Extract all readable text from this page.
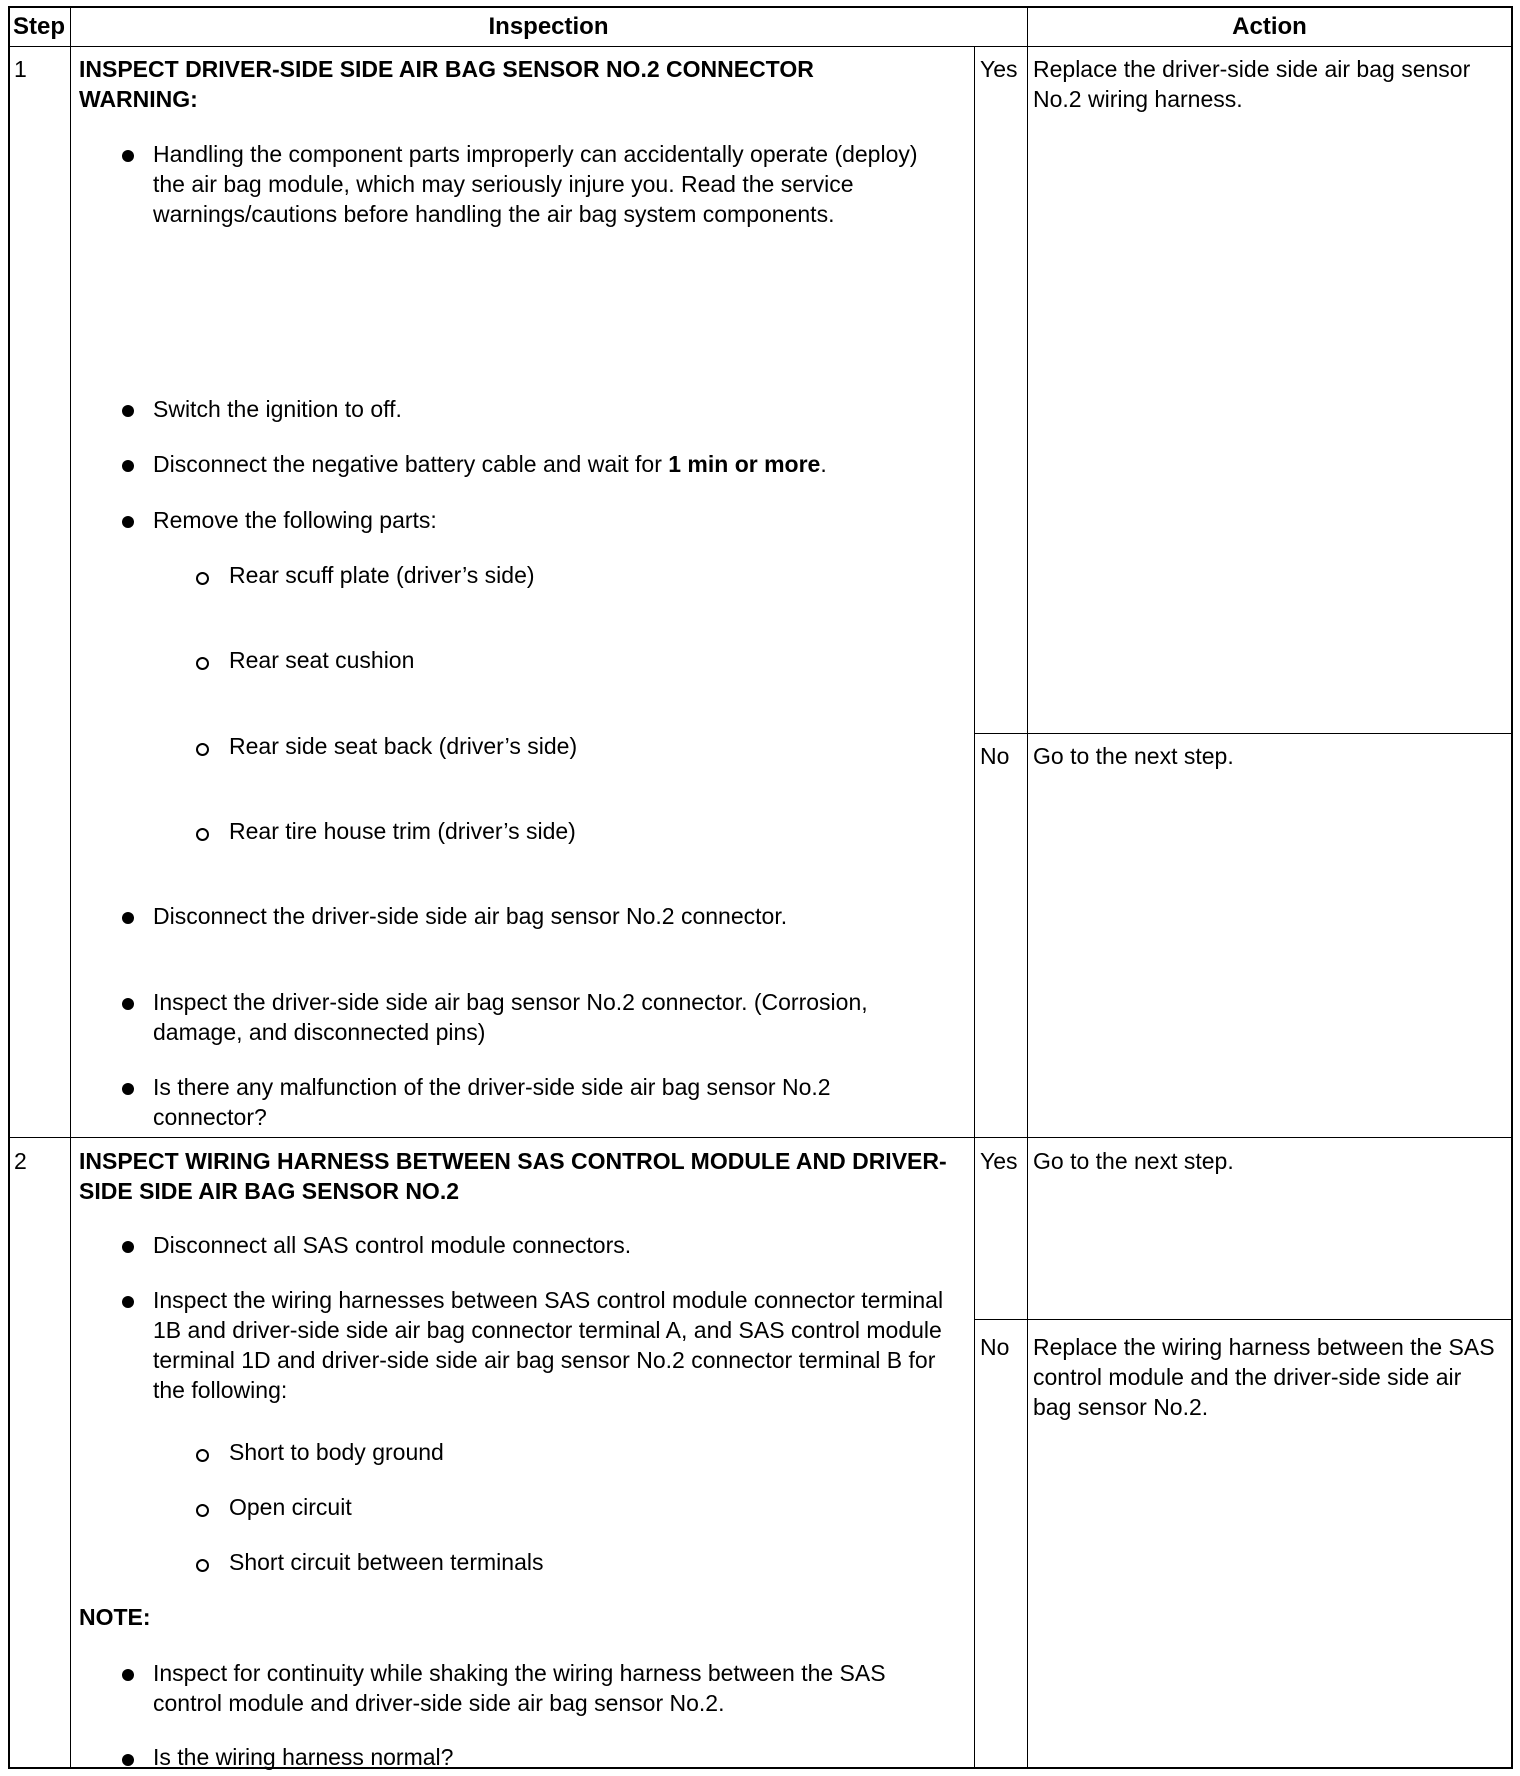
Step	Inspection	Action
1 INSPECT DRIVER-SIDE SIDE AIR BAG SENSOR NO.2 CONNECTOR
WARNING:
Handling the component parts improperly can accidentally operate (deploy) the air bag module, which may seriously injure you. Read the service warnings/cautions before handling the air bag system components.
Switch the ignition to off.
Disconnect the negative battery cable and wait for 1 min or more.
Remove the following parts:
Rear scuff plate (driver’s side)
Rear seat cushion
Rear side seat back (driver’s side)
Rear tire house trim (driver’s side)
Disconnect the driver-side side air bag sensor No.2 connector.
Inspect the driver-side side air bag sensor No.2 connector. (Corrosion, damage, and disconnected pins)
Is there any malfunction of the driver-side side air bag sensor No.2 connector?
Yes Replace the driver-side side air bag sensor No.2 wiring harness.
No Go to the next step.
2 INSPECT WIRING HARNESS BETWEEN SAS CONTROL MODULE AND DRIVER-SIDE SIDE AIR BAG SENSOR NO.2
Disconnect all SAS control module connectors.
Inspect the wiring harnesses between SAS control module connector terminal 1B and driver-side side air bag connector terminal A, and SAS control module terminal 1D and driver-side side air bag sensor No.2 connector terminal B for the following:
Short to body ground
Open circuit
Short circuit between terminals
NOTE:
Inspect for continuity while shaking the wiring harness between the SAS control module and driver-side side air bag sensor No.2.
Is the wiring harness normal?
Yes Go to the next step.
No Replace the wiring harness between the SAS control module and the driver-side side air bag sensor No.2.
